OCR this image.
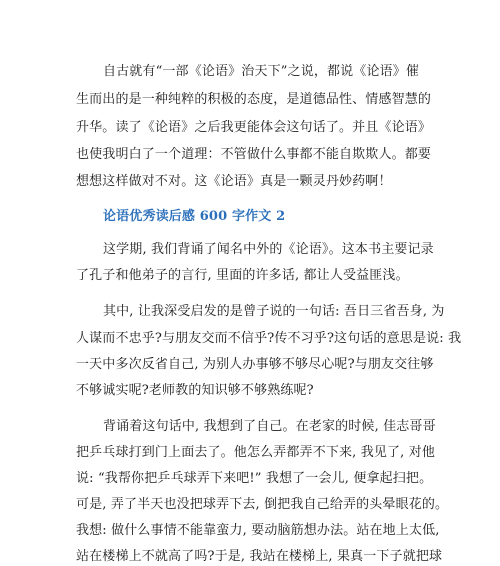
自古就有“一部《论语》治天下”之说，都说《论语》催
生而出的是一种纯粹的积极的态度，是道德品性、情感智慧的
升华。读了《论语》之后我更能体会这句话了。并且《论语》
也使我明白了一个道理：不管做什么事都不能自欺欺人。都要
想想这样做对不对。这《论语》真是一颗灵丹妙药啊！
论语优秀读后感 600 字作文 2
这学期, 我们背诵了闻名中外的《论语》。这本书主要记录
了孔子和他弟子的言行, 里面的许多话, 都让人受益匪浅。
其中, 让我深受启发的是曾子说的一句话: 吾日三省吾身, 为
人谋而不忠乎?与朋友交而不信乎?传不习乎?这句话的意思是说: 我
一天中多次反省自己, 为别人办事够不够尽心呢?与朋友交往够
不够诚实呢?老师教的知识够不够熟练呢?
背诵着这句话中, 我想到了自己。在老家的时候, 佳志哥哥
把乒乓球打到门上面去了。他怎么弄都弄不下来, 我见了, 对他
说: “我帮你把乒乓球弄下来吧!” 我想了一会儿, 便拿起扫把。
可是, 弄了半天也没把球弄下去, 倒把我自己给弄的头晕眼花的。
我想: 做什么事情不能靠蛮力, 要动脑筋想办法。站在地上太低,
站在楼梯上不就高了吗?于是, 我站在楼梯上, 果真一下子就把球
